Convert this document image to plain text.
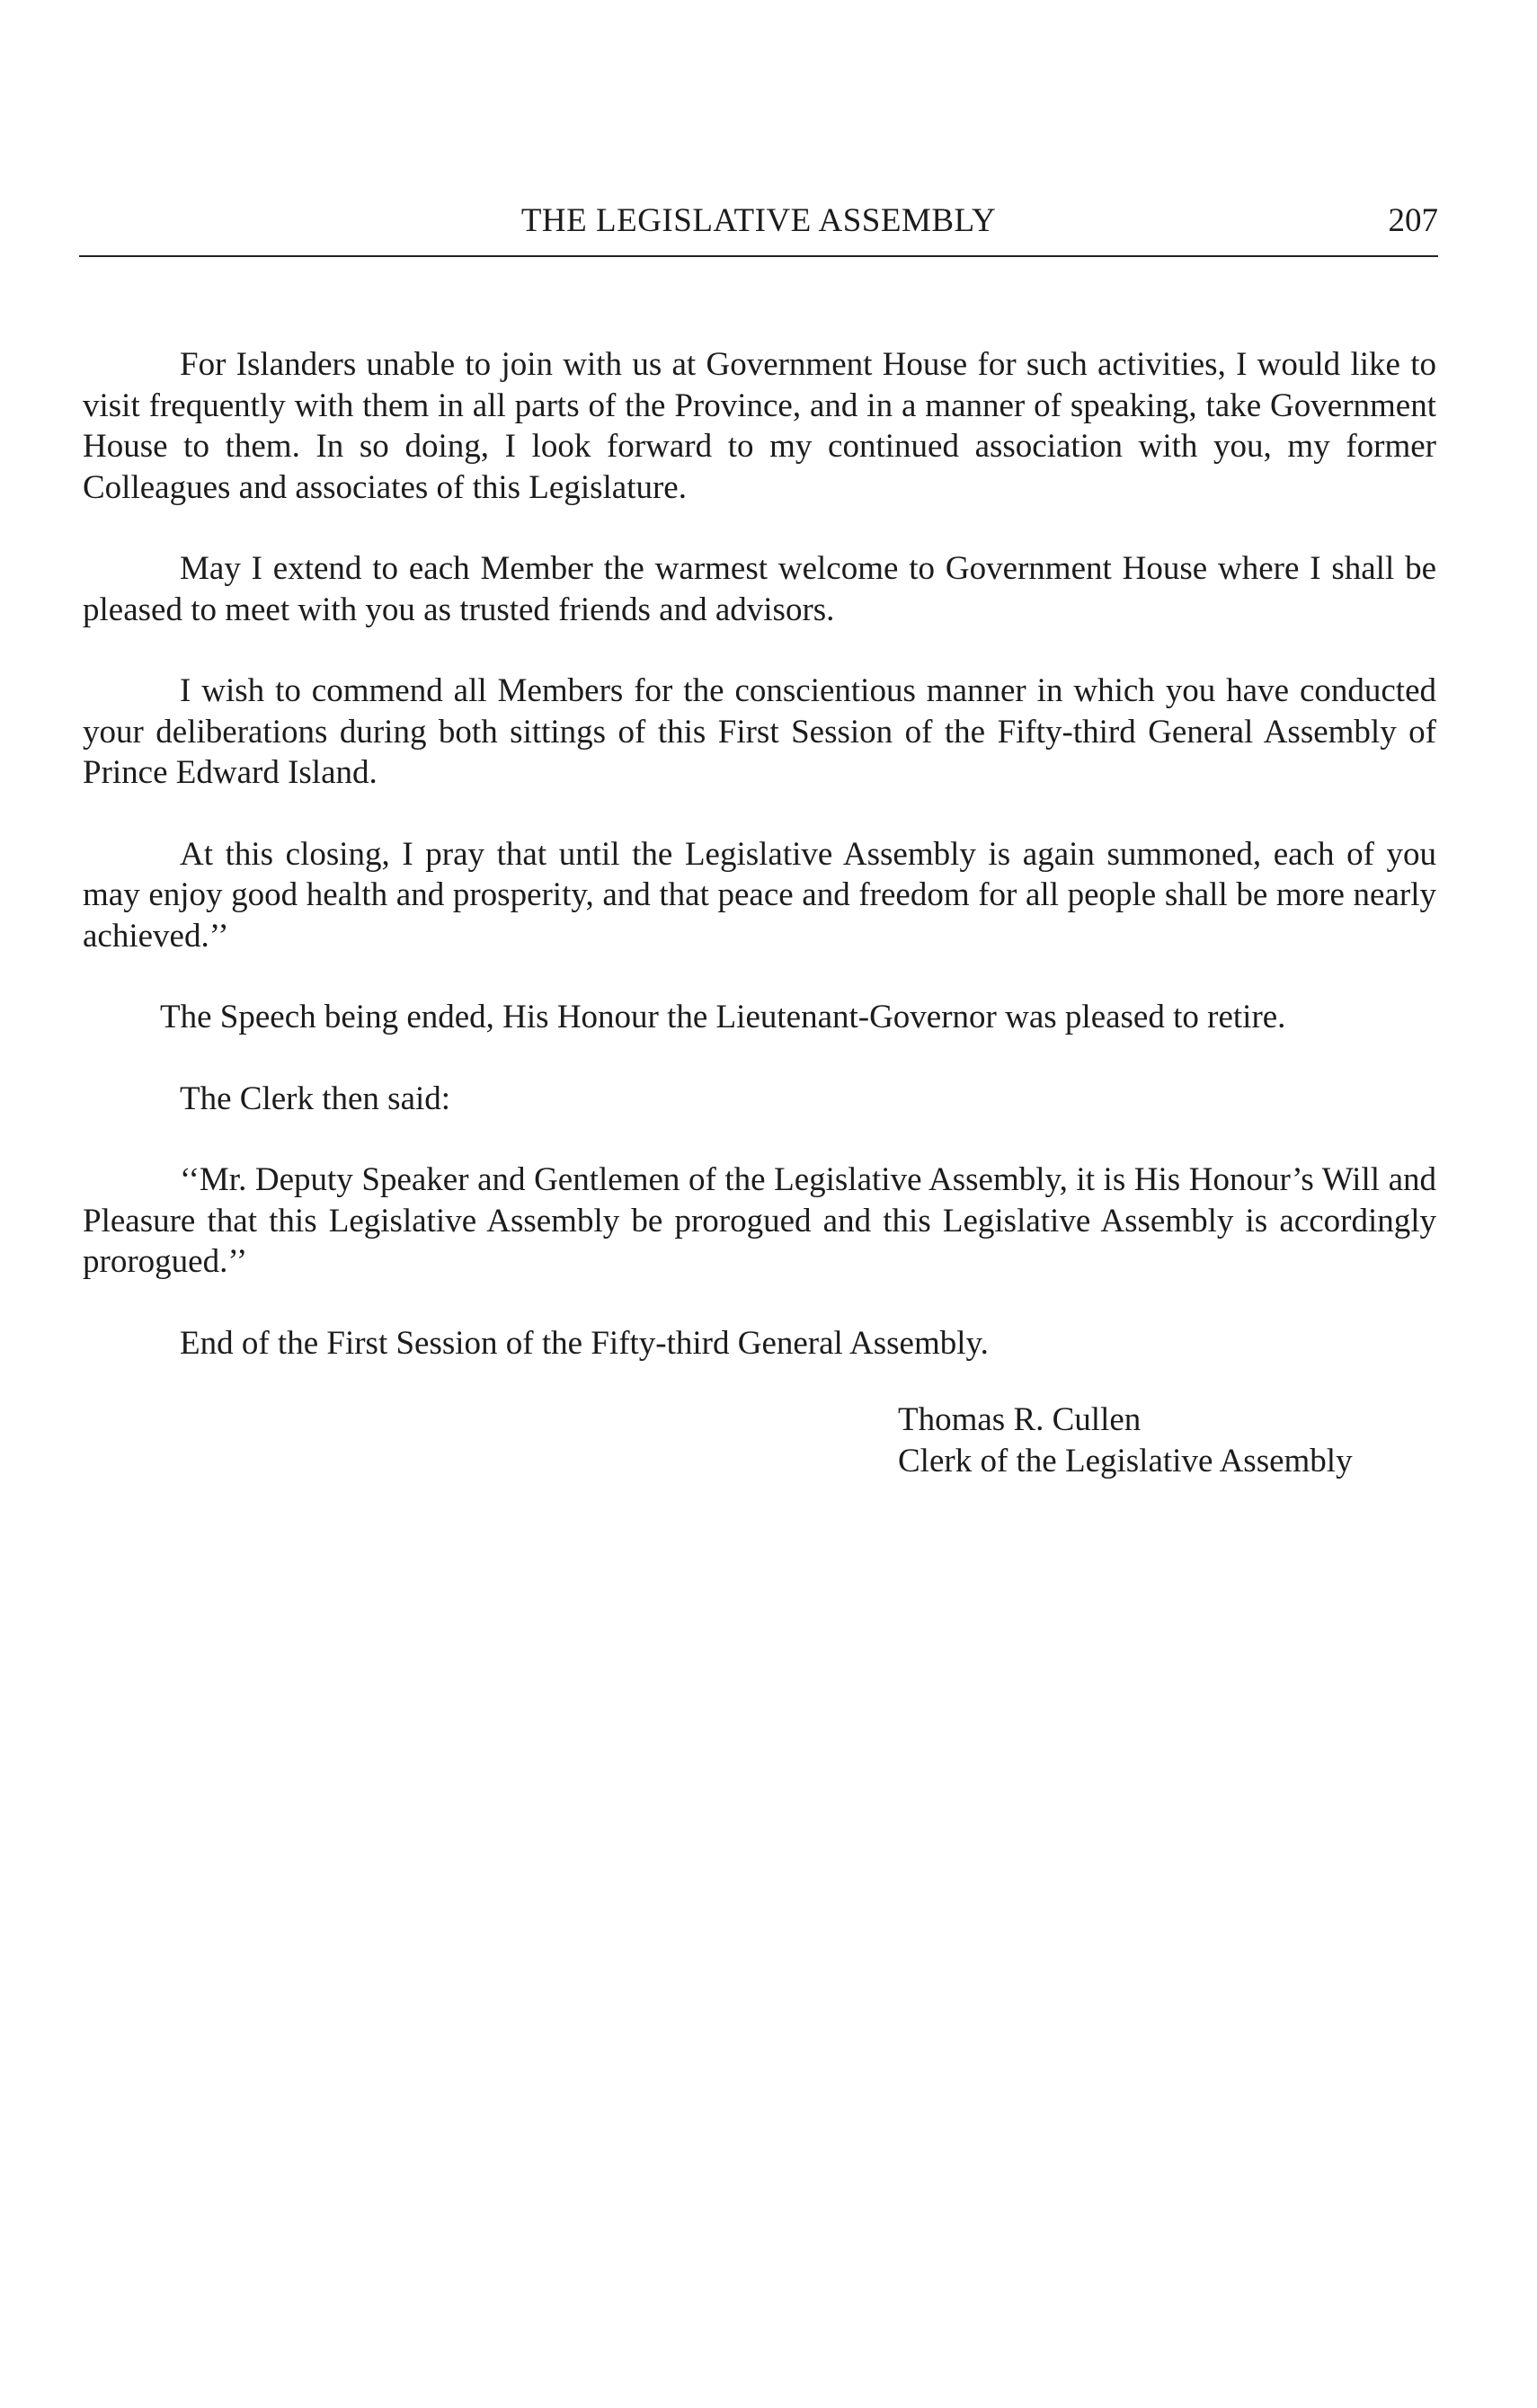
THE LEGISLATIVE ASSEMBLY	207

For Islanders unable to join with us at Government House for such activities, I would like to visit frequently with them in all parts of the Province, and in a manner of speaking, take Government House to them. In so doing, I look forward to my continued association with you, my former Colleagues and associates of this Legislature.

May I extend to each Member the warmest welcome to Government House where I shall be pleased to meet with you as trusted friends and advisors.

I wish to commend all Members for the conscientious manner in which you have conducted your deliberations during both sittings of this First Session of the Fifty-third General Assembly of Prince Edward Island.

At this closing, I pray that until the Legislative Assembly is again summoned, each of you may enjoy good health and prosperity, and that peace and freedom for all people shall be more nearly achieved.’’

The Speech being ended, His Honour the Lieutenant-Governor was pleased to retire.

The Clerk then said:

‘‘Mr. Deputy Speaker and Gentlemen of the Legislative Assembly, it is His Honour’s Will and Pleasure that this Legislative Assembly be prorogued and this Legislative Assembly is accordingly prorogued.’’

End of the First Session of the Fifty-third General Assembly.

Thomas R. Cullen
Clerk of the Legislative Assembly
